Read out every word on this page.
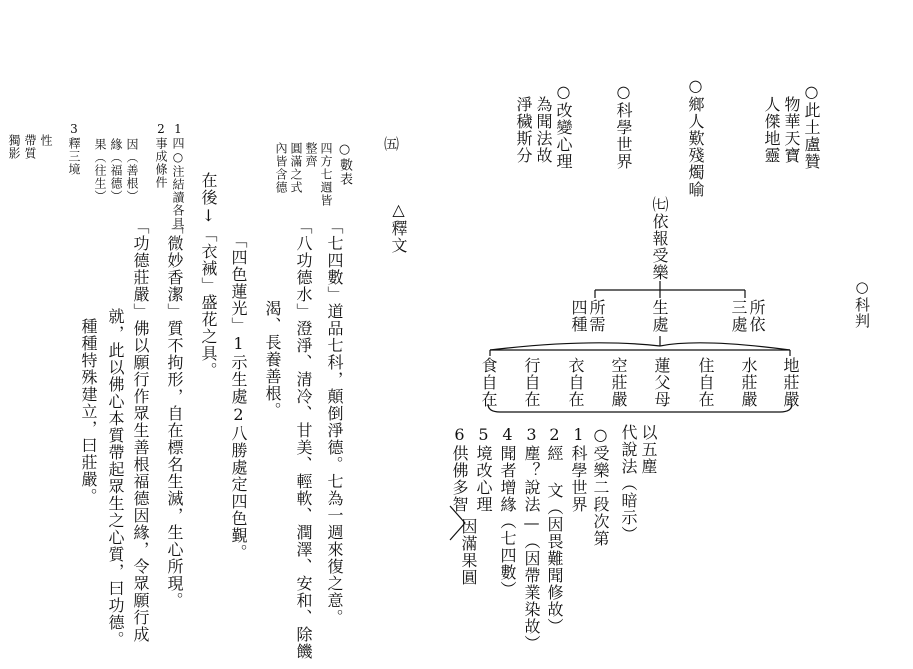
○此土盧贊
物華天寶
人傑地靈
○鄉人歎殘燭喻
○科學世界
○改變心理
為聞法故
淨穢斯分
○科判
㈦依報受樂
所依
三處
生處
所需
四種
地莊嚴
水莊嚴
住自在
蓮父母
空莊嚴
衣自在
行自在
食自在
以五塵
代說法（暗示）
○受樂二段次第
1科學世界
2經
文（因畏難聞修故）
3塵？說法—（因帶業染故）
4聞者增緣（七四數）
5境改心理
6供佛多智
因滿果圓
㈤
△釋文
○數表
四方七週皆
整齊
圓滿之式
內皆含德
「七四數」道品七科，顛倒淨德。七為一週來復之意。
「八功德水」澄淨、清冷、甘美、輕軟、潤澤、安和、除饑
渴、長養善根。
「四色蓮光」1示生處2八勝處定四色覲。
在後↓「衣裓」盛花之具。
「微妙香潔」質不拘形，自在標名生滅，生心所現。
「功德莊嚴」佛以願行作眾生善根福德因緣，令眾願行成
就，此以佛心本質帶起眾生之心質，曰功德。
種種特殊建立，曰莊嚴。
1四○注結讀各具
2事成條件
因（善根）
緣（福德）
果（往生）
3釋三境
性
帶質
獨影
